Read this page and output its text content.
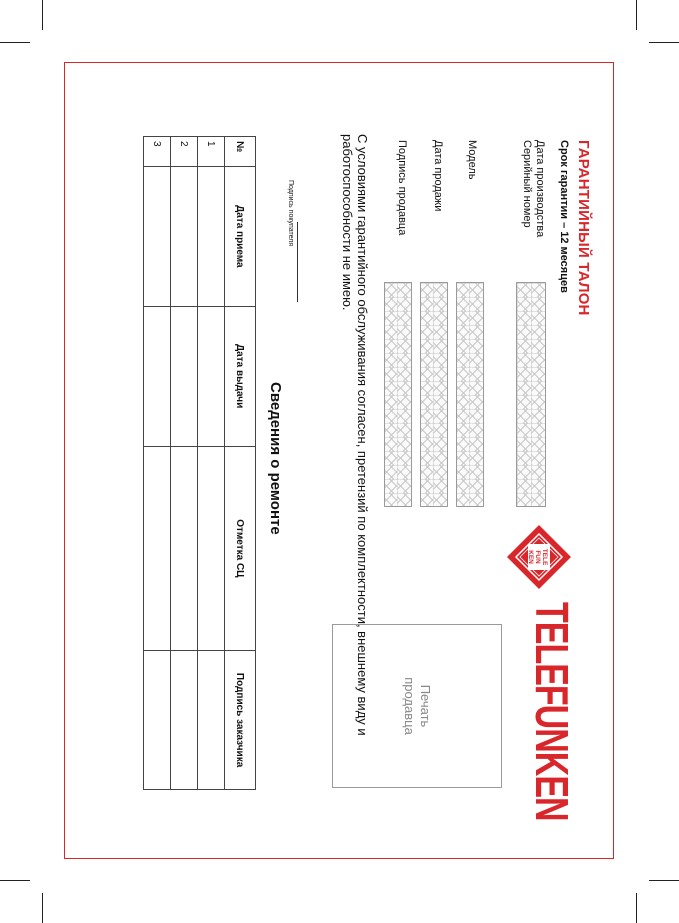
ГАРАНТИЙНЫЙ ТАЛОН
Срок гарантии – 12 месяцев
Дата производства
Серийный номер
Модель
Дата продажи
Подпись продавца
TELE
FUN
KEN
TELEFUNKEN
Печать
продавца
С условиями гарантийного обслуживания согласен, претензий по комплектности, внешнему виду и работоспособности не имею.
Подпись покупателя
Сведения о ремонте
№	Дата приема	Дата выдачи	Отметка СЦ	Подпись заказчика
1				
2				
3				
